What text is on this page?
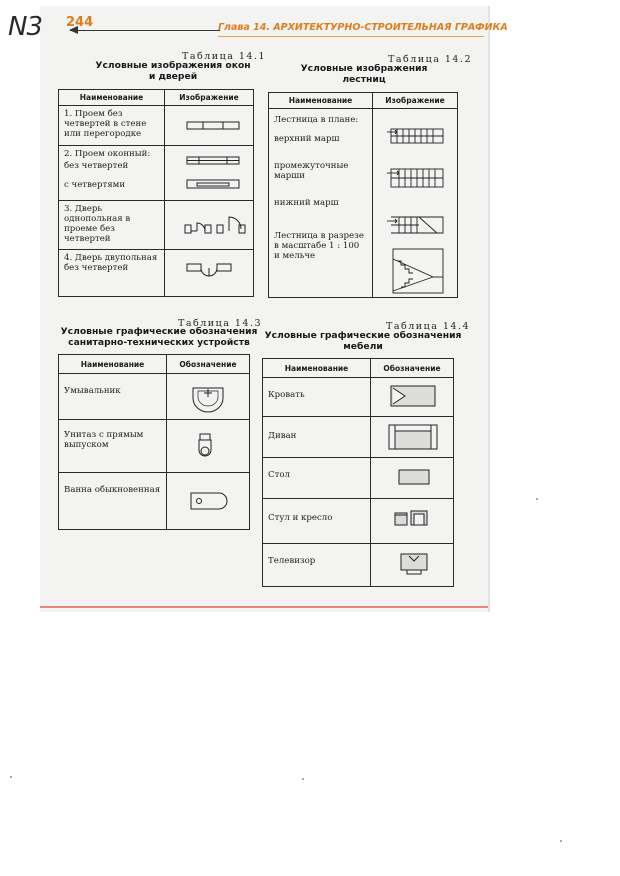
N3 244	Глава 14. АРХИТЕКТУРНО-СТРОИТЕЛЬНАЯ ГРАФИКА
Таблица 14.1
Условные изображения окон
и дверей
Наименование	Изображение

1. Проем без четвертей в стене или перегородке

2. Проем оконный:
без четвертей
с четвертями

3. Дверь однопольная в проеме без четвертей

4. Дверь двупольная без четвертей

Таблица 14.2
Условные изображения
лестниц
Наименование	Изображение

Лестница в плане:
верхний марш
промежуточные марши
нижний марш
Лестница в разрезе в масштабе 1 : 100 и мельче

Таблица 14.3
Условные графические обозначения
санитарно-технических устройств
Наименование	Обозначение

Умывальник

Унитаз с прямым выпуском

Ванна обыкновенная

Таблица 14.4
Условные графические обозначения
мебели
Наименование	Обозначение

Кровать

Диван

Стол

Стул и кресло

Телевизор
